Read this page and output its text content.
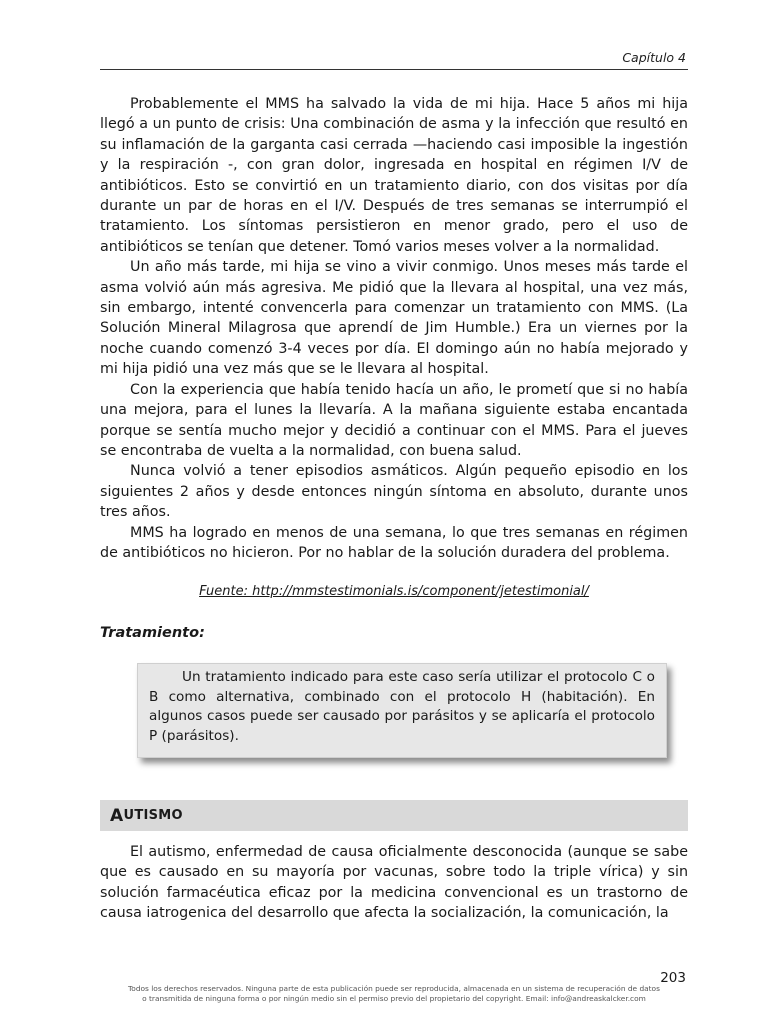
Capítulo 4

Probablemente el MMS ha salvado la vida de mi hija. Hace 5 años mi hija llegó a un punto de crisis: Una combinación de asma y la infección que resultó en su inflamación de la garganta casi cerrada —haciendo casi imposible la ingestión y la respiración -, con gran dolor, ingresada en hospital en régimen I/V de antibióticos. Esto se convirtió en un tratamiento diario, con dos visitas por día durante un par de horas en el I/V. Después de tres semanas se interrumpió el tratamiento. Los síntomas persistieron en menor grado, pero el uso de antibióticos se tenían que detener. Tomó varios meses volver a la normalidad.

Un año más tarde, mi hija se vino a vivir conmigo. Unos meses más tarde el asma volvió aún más agresiva. Me pidió que la llevara al hospital, una vez más, sin embargo, intenté convencerla para comenzar un tratamiento con MMS. (La Solución Mineral Milagrosa que aprendí de Jim Humble.) Era un viernes por la noche cuando comenzó 3-4 veces por día. El domingo aún no había mejorado y mi hija pidió una vez más que se le llevara al hospital.

Con la experiencia que había tenido hacía un año, le prometí que si no había una mejora, para el lunes la llevaría. A la mañana siguiente estaba encantada porque se sentía mucho mejor y decidió a continuar con el MMS. Para el jueves se encontraba de vuelta a la normalidad, con buena salud.

Nunca volvió a tener episodios asmáticos. Algún pequeño episodio en los siguientes 2 años y desde entonces ningún síntoma en absoluto, durante unos tres años.

MMS ha logrado en menos de una semana, lo que tres semanas en régimen de antibióticos no hicieron. Por no hablar de la solución duradera del problema.

Fuente: http://mmstestimonials.is/component/jetestimonial/
Tratamiento:

Un tratamiento indicado para este caso sería utilizar el protocolo C o B como alternativa, combinado con el protocolo H (habitación). En algunos casos puede ser causado por parásitos y se aplicaría el protocolo P (parásitos).

A UTISMO

El autismo, enfermedad de causa oficialmente desconocida (aunque se sabe que es causado en su mayoría por vacunas, sobre todo la triple vírica) y sin solución farmacéutica eficaz por la medicina convencional es un trastorno de causa iatrogenica del desarrollo que afecta la socialización, la comunicación, la

203
Todos los derechos reservados. Ninguna parte de esta publicación puede ser reproducida, almacenada en un sistema de recuperación de datos
o transmitida de ninguna forma o por ningún medio sin el permiso previo del propietario del copyright. Email: info@andreaskalcker.com
